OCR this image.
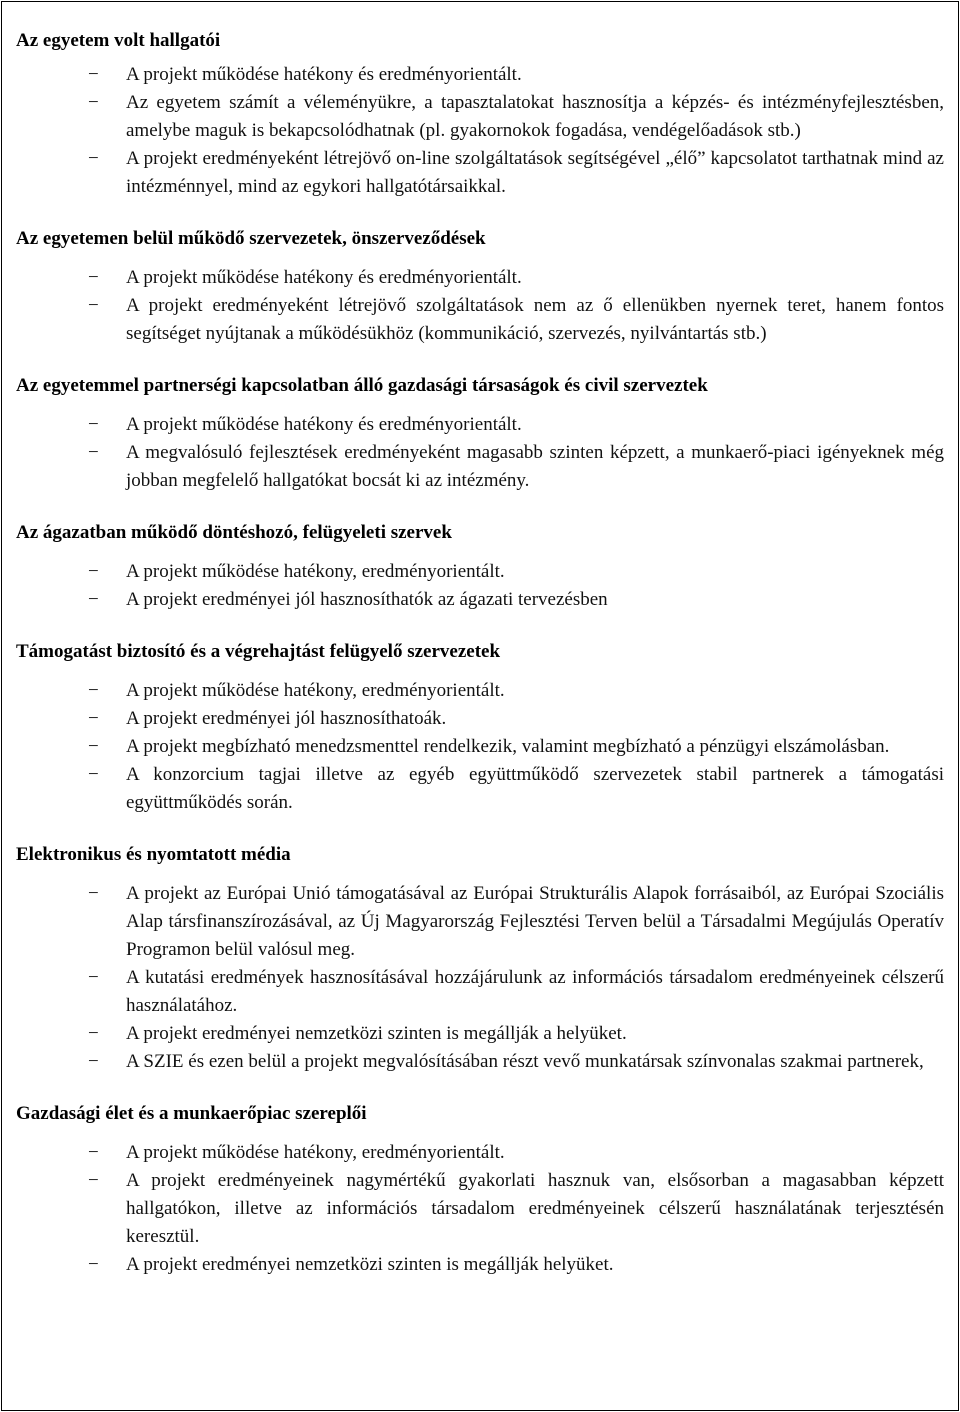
Az egyetem volt hallgatói
− A projekt működése hatékony és eredményorientált.
− Az egyetem számít a véleményükre, a tapasztalatokat hasznosítja a képzés- és intézményfejlesztésben, amelybe maguk is bekapcsolódhatnak (pl. gyakornokok fogadása, vendégelőadások stb.)
− A projekt eredményeként létrejövő on-line szolgáltatások segítségével „élő” kapcsolatot tarthatnak mind az intézménnyel, mind az egykori hallgatótársaikkal.
Az egyetemen belül működő szervezetek, önszerveződések
− A projekt működése hatékony és eredményorientált.
− A projekt eredményeként létrejövő szolgáltatások nem az ő ellenükben nyernek teret, hanem fontos segítséget nyújtanak a működésükhöz (kommunikáció, szervezés, nyilvántartás stb.)
Az egyetemmel partnerségi kapcsolatban álló gazdasági társaságok és civil szerveztek
− A projekt működése hatékony és eredményorientált.
− A megvalósuló fejlesztések eredményeként magasabb szinten képzett, a munkaerő-piaci igényeknek még jobban megfelelő hallgatókat bocsát ki az intézmény.
Az ágazatban működő döntéshozó, felügyeleti szervek
− A projekt működése hatékony, eredményorientált.
− A projekt eredményei jól hasznosíthatók az ágazati tervezésben
Támogatást biztosító és a végrehajtást felügyelő szervezetek
− A projekt működése hatékony, eredményorientált.
− A projekt eredményei jól hasznosíthatoák.
− A projekt megbízható menedzsmenttel rendelkezik, valamint megbízható a pénzügyi elszámolásban.
− A konzorcium tagjai illetve az egyéb együttműködő szervezetek stabil partnerek a támogatási együttműködés során.
Elektronikus és nyomtatott média
− A projekt az Európai Unió támogatásával az Európai Strukturális Alapok forrásaiból, az Európai Szociális Alap társfinanszírozásával, az Új Magyarország Fejlesztési Terven belül a Társadalmi Megújulás Operatív Programon belül valósul meg.
− A kutatási eredmények hasznosításával hozzájárulunk az információs társadalom eredményeinek célszerű használatához.
− A projekt eredményei nemzetközi szinten is megállják a helyüket.
− A SZIE és ezen belül a projekt megvalósításában részt vevő munkatársak színvonalas szakmai partnerek,
Gazdasági élet és a munkaerőpiac szereplői
− A projekt működése hatékony, eredményorientált.
− A projekt eredményeinek nagymértékű gyakorlati hasznuk van, elsősorban a magasabban képzett hallgatókon, illetve az információs társadalom eredményeinek célszerű használatának terjesztésén keresztül.
− A projekt eredményei nemzetközi szinten is megállják helyüket.
